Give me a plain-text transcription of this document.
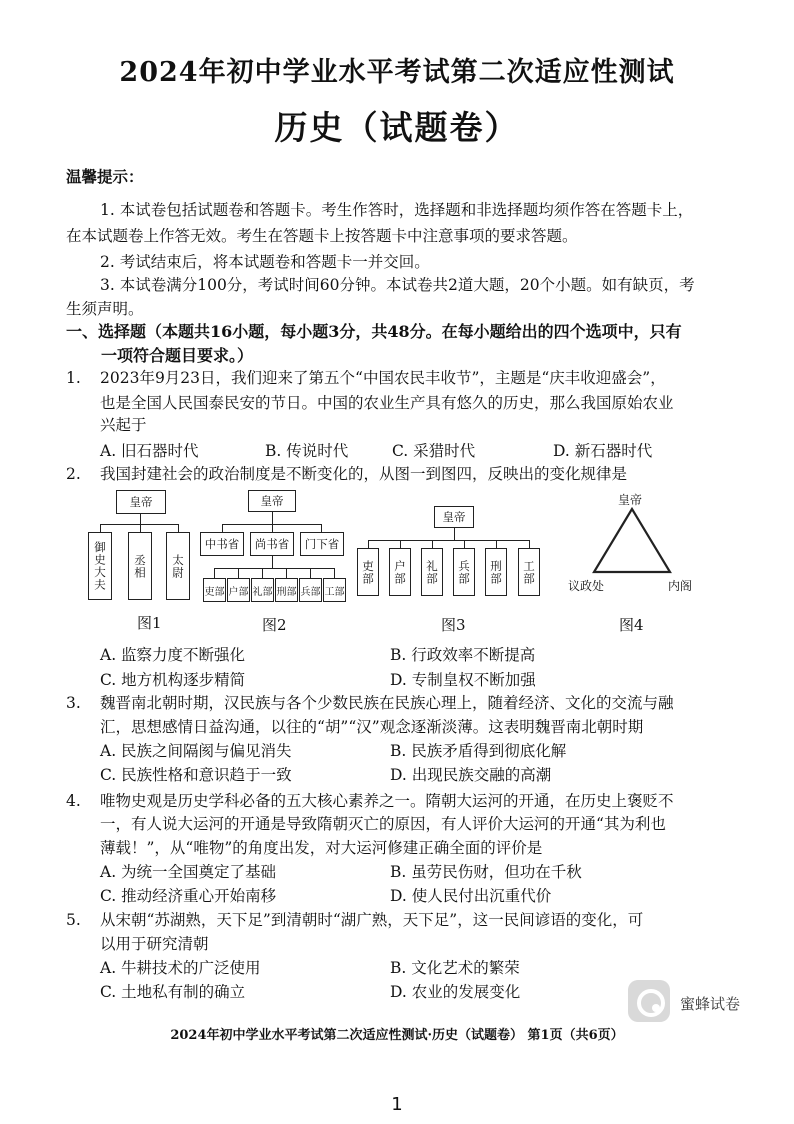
2024年初中学业水平考试第二次适应性测试
历史（试题卷）
温馨提示：
1. 本试卷包括试题卷和答题卡。考生作答时，选择题和非选择题均须作答在答题卡上，
在本试题卷上作答无效。考生在答题卡上按答题卡中注意事项的要求答题。
2. 考试结束后，将本试题卷和答题卡一并交回。
3. 本试卷满分100分，考试时间60分钟。本试卷共2道大题，20个小题。如有缺页，考
生须声明。
一、选择题（本题共16小题，每小题3分，共48分。在每小题给出的四个选项中，只有
一项符合题目要求。）
1. 2023年9月23日，我们迎来了第五个“中国农民丰收节”，主题是“庆丰收迎盛会”，
也是全国人民国泰民安的节日。中国的农业生产具有悠久的历史，那么我国原始农业
兴起于
A. 旧石器时代	B. 传说时代	C. 采猎时代	D. 新石器时代
2. 我国封建社会的政治制度是不断变化的，从图一到图四，反映出的变化规律是
皇帝
御史大夫	丞相	太尉
图1
皇帝
中书省	尚书省	门下省
吏部 户部 礼部 刑部 兵部 工部
图2
皇帝
吏部	户部	礼部	兵部	刑部	工部
图3
皇帝
议政处	内阁
图4
A. 监察力度不断强化	B. 行政效率不断提高
C. 地方机构逐步精简	D. 专制皇权不断加强
3. 魏晋南北朝时期，汉民族与各个少数民族在民族心理上，随着经济、文化的交流与融
汇，思想感情日益沟通，以往的“胡”“汉”观念逐渐淡薄。这表明魏晋南北朝时期
A. 民族之间隔阂与偏见消失	B. 民族矛盾得到彻底化解
C. 民族性格和意识趋于一致	D. 出现民族交融的高潮
4. 唯物史观是历史学科必备的五大核心素养之一。隋朝大运河的开通，在历史上褒贬不
一，有人说大运河的开通是导致隋朝灭亡的原因，有人评价大运河的开通“其为利也
薄载！”，从“唯物”的角度出发，对大运河修建正确全面的评价是
A. 为统一全国奠定了基础	B. 虽劳民伤财，但功在千秋
C. 推动经济重心开始南移	D. 使人民付出沉重代价
5. 从宋朝“苏湖熟，天下足”到清朝时“湖广熟，天下足”，这一民间谚语的变化，可
以用于研究清朝
A. 牛耕技术的广泛使用	B. 文化艺术的繁荣
C. 土地私有制的确立	D. 农业的发展变化
蜜蜂试卷
2024年初中学业水平考试第二次适应性测试·历史（试题卷） 第1页（共6页）
1
